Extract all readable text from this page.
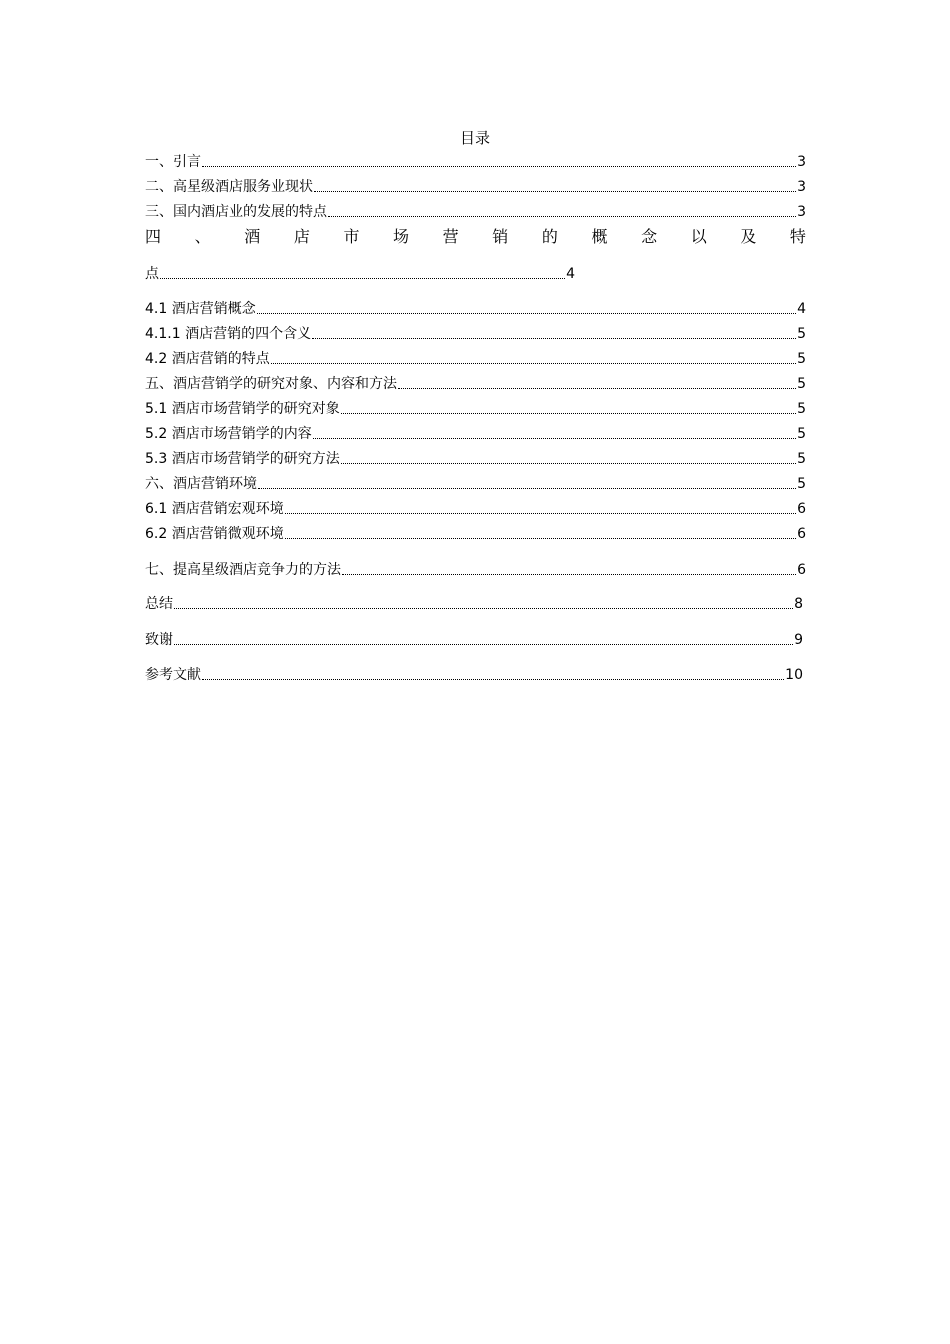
目录
一、引言	3
二、高星级酒店服务业现状	3
三、国内酒店业的发展的特点	3
四 、 酒 店 市 场 营 销 的 概 念 以 及 特
点	4
4.1 酒店营销概念	4
4.1.1 酒店营销的四个含义	5
4.2 酒店营销的特点	5
五、酒店营销学的研究对象、内容和方法	5
5.1 酒店市场营销学的研究对象	5
5.2 酒店市场营销学的内容	5
5.3 酒店市场营销学的研究方法	5
六、酒店营销环境	5
6.1 酒店营销宏观环境	6
6.2 酒店营销微观环境	6
七、提高星级酒店竞争力的方法	6
总结	8
致谢	9
参考文献	10
